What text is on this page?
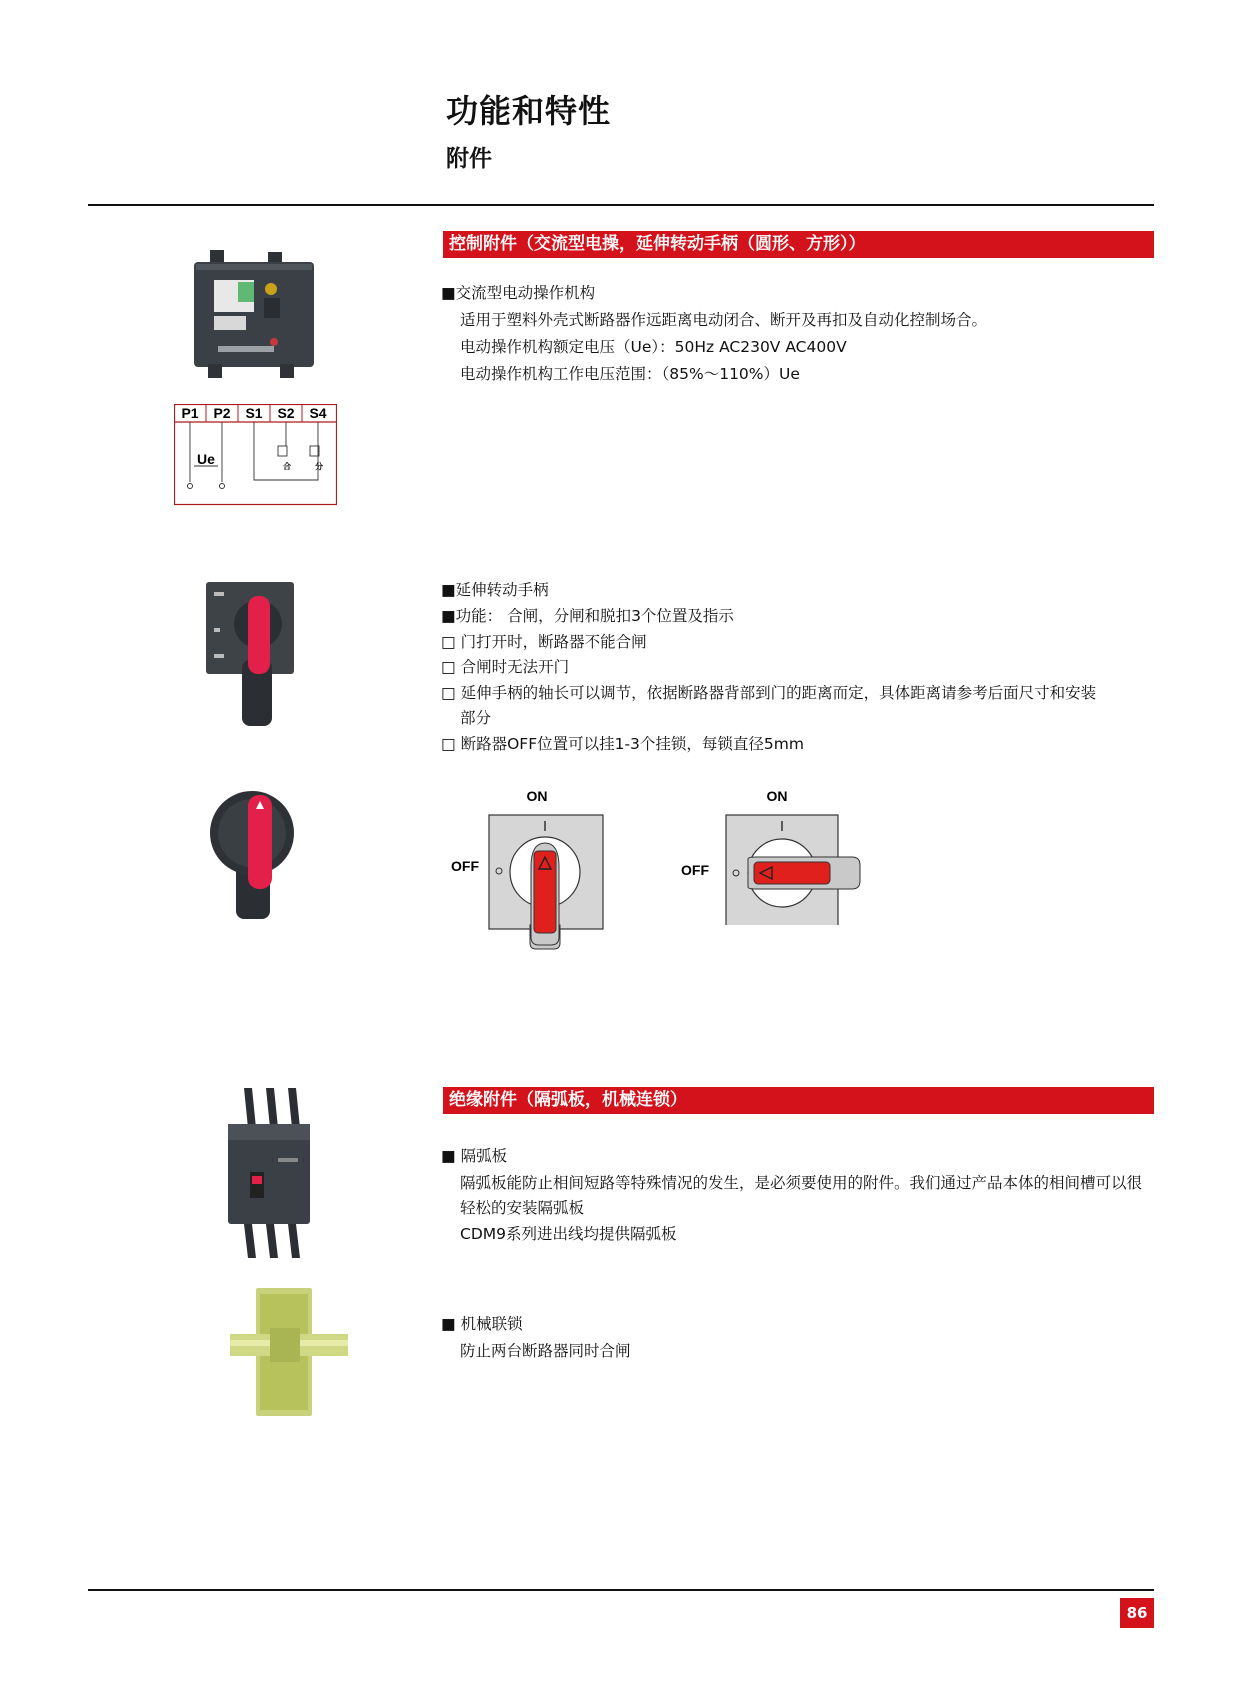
功能和特性
附件
控制附件（交流型电操，延伸转动手柄（圆形、方形））
P1 P2 S1 S2 S4
Ue	合	分
■交流型电动操作机构
适用于塑料外壳式断路器作远距离电动闭合、断开及再扣及自动化控制场合。
电动操作机构额定电压（Ue）：50Hz AC230V AC400V
电动操作机构工作电压范围：（85%～110%）Ue
■延伸转动手柄
■功能： 合闸，分闸和脱扣3个位置及指示
□ 门打开时，断路器不能合闸
□ 合闸时无法开门
□ 延伸手柄的轴长可以调节，依据断路器背部到门的距离而定，具体距离请参考后面尺寸和安装
部分
□ 断路器OFF位置可以挂1-3个挂锁，每锁直径5mm
ON
OFF
ON
OFF
绝缘附件（隔弧板，机械连锁）
■ 隔弧板
隔弧板能防止相间短路等特殊情况的发生，是必须要使用的附件。我们通过产品本体的相间槽可以很轻松的安装隔弧板
CDM9系列进出线均提供隔弧板
■ 机械联锁
防止两台断路器同时合闸
86
